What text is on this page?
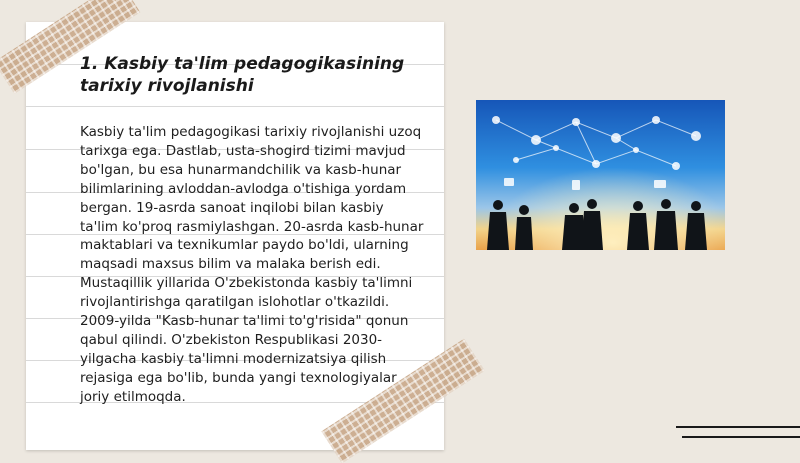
1. Kasbiy ta'lim pedagogikasining tarixiy rivojlanishi
Kasbiy ta'lim pedagogikasi tarixiy rivojlanishi uzoq tarixga ega. Dastlab, usta-shogird tizimi mavjud bo'lgan, bu esa hunarmandchilik va kasb-hunar bilimlarining avloddan-avlodga o'tishiga yordam bergan. 19-asrda sanoat inqilobi bilan kasbiy ta'lim ko'proq rasmiylashgan. 20-asrda kasb-hunar maktablari va texnikumlar paydo bo'ldi, ularning maqsadi maxsus bilim va malaka berish edi. Mustaqillik yillarida O'zbekistonda kasbiy ta'limni rivojlantirishga qaratilgan islohotlar o'tkazildi. 2009-yilda "Kasb-hunar ta'limi to'g'risida" qonun qabul qilindi. O'zbekiston Respublikasi 2030-yilgacha kasbiy ta'limni modernizatsiya qilish rejasiga ega bo'lib, bunda yangi texnologiyalar joriy etilmoqda.
